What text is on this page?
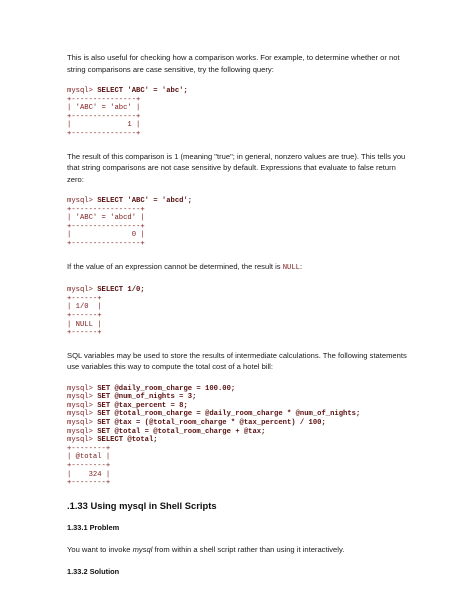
This is also useful for checking how a comparison works. For example, to determine whether or not string comparisons are case sensitive, try the following query:

mysql> SELECT 'ABC' = 'abc';
+---------------+
| 'ABC' = 'abc' |
+---------------+
|             1 |
+---------------+

The result of this comparison is 1 (meaning "true"; in general, nonzero values are true). This tells you that string comparisons are not case sensitive by default. Expressions that evaluate to false return zero:

mysql> SELECT 'ABC' = 'abcd';
+----------------+
| 'ABC' = 'abcd' |
+----------------+
|              0 |
+----------------+

If the value of an expression cannot be determined, the result is NULL:

mysql> SELECT 1/0;
+------+
| 1/0  |
+------+
| NULL |
+------+

SQL variables may be used to store the results of intermediate calculations. The following statements use variables this way to compute the total cost of a hotel bill:

mysql> SET @daily_room_charge = 100.00;
mysql> SET @num_of_nights = 3;
mysql> SET @tax_percent = 8;
mysql> SET @total_room_charge = @daily_room_charge * @num_of_nights;
mysql> SET @tax = (@total_room_charge * @tax_percent) / 100;
mysql> SET @total = @total_room_charge + @tax;
mysql> SELECT @total;
+--------+
| @total |
+--------+
|    324 |
+--------+
.1.33 Using mysql in Shell Scripts
1.33.1 Problem

You want to invoke mysql from within a shell script rather than using it interactively.

1.33.2 Solution
